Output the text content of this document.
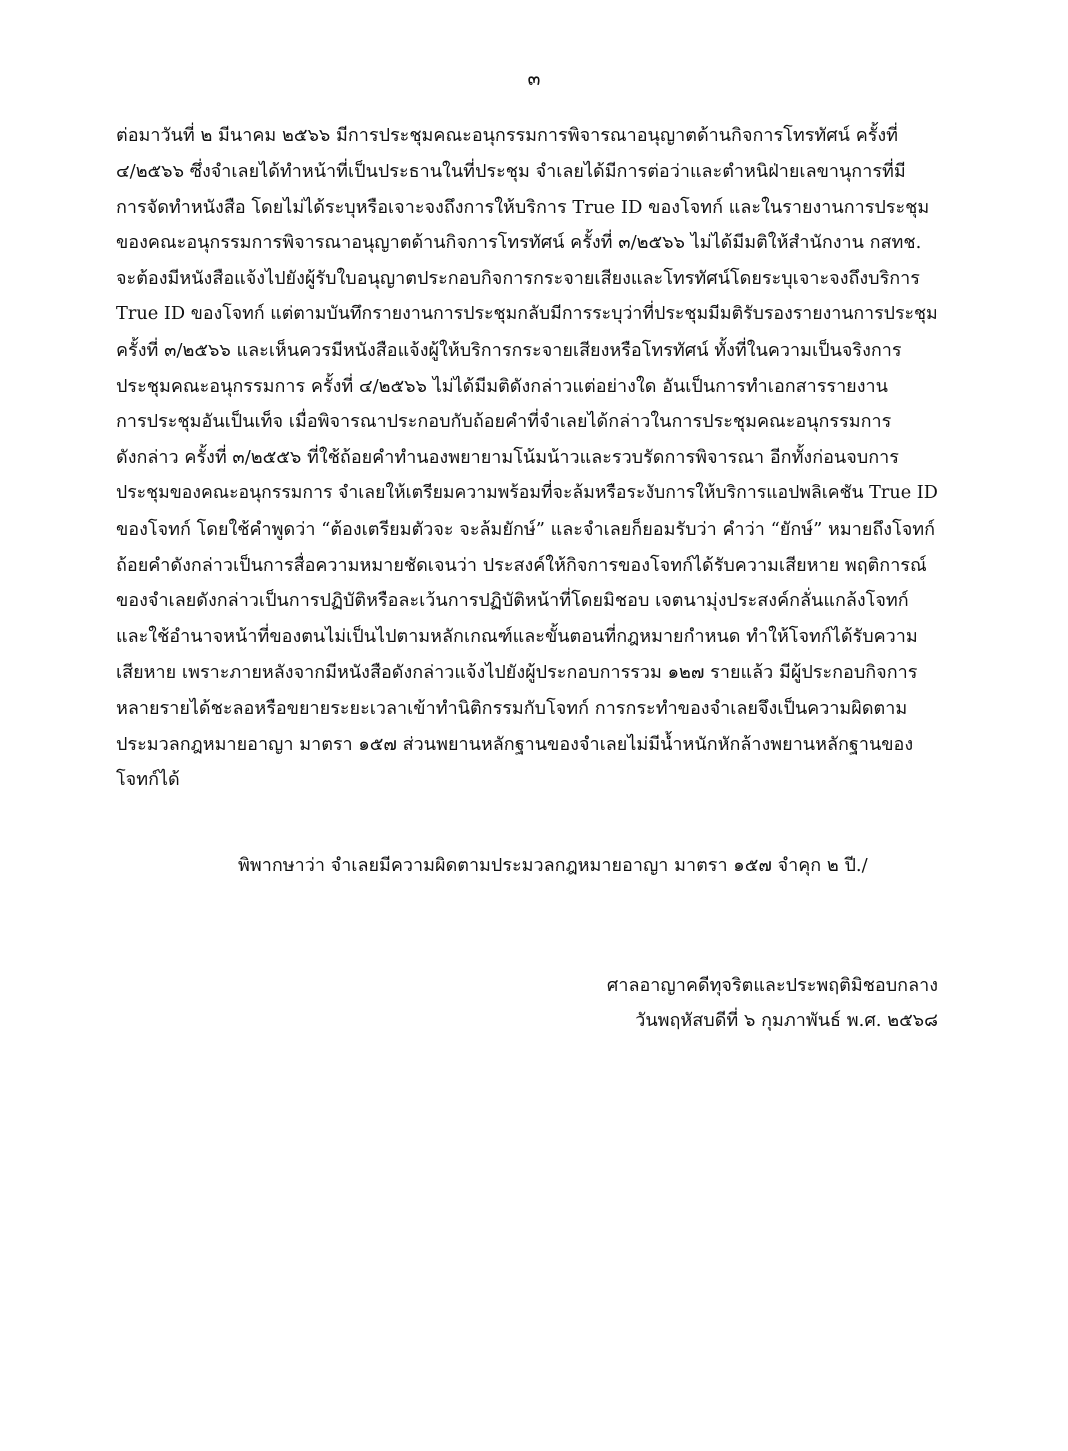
๓
ต่อมาวันที่ ๒ มีนาคม ๒๕๖๖ มีการประชุมคณะอนุกรรมการพิจารณาอนุญาตด้านกิจการโทรทัศน์ ครั้งที่
๔/๒๕๖๖ ซึ่งจำเลยได้ทำหน้าที่เป็นประธานในที่ประชุม จำเลยได้มีการต่อว่าและตำหนิฝ่ายเลขานุการที่มี
การจัดทำหนังสือ โดยไม่ได้ระบุหรือเจาะจงถึงการให้บริการ True ID ของโจทก์ และในรายงานการประชุม
ของคณะอนุกรรมการพิจารณาอนุญาตด้านกิจการโทรทัศน์ ครั้งที่ ๓/๒๕๖๖ ไม่ได้มีมติให้สำนักงาน กสทช.
จะต้องมีหนังสือแจ้งไปยังผู้รับใบอนุญาตประกอบกิจการกระจายเสียงและโทรทัศน์โดยระบุเจาะจงถึงบริการ
True ID ของโจทก์ แต่ตามบันทึกรายงานการประชุมกลับมีการระบุว่าที่ประชุมมีมติรับรองรายงานการประชุม
ครั้งที่ ๓/๒๕๖๖ และเห็นควรมีหนังสือแจ้งผู้ให้บริการกระจายเสียงหรือโทรทัศน์ ทั้งที่ในความเป็นจริงการ
ประชุมคณะอนุกรรมการ ครั้งที่ ๔/๒๕๖๖ ไม่ได้มีมติดังกล่าวแต่อย่างใด อันเป็นการทำเอกสารรายงาน
การประชุมอันเป็นเท็จ เมื่อพิจารณาประกอบกับถ้อยคำที่จำเลยได้กล่าวในการประชุมคณะอนุกรรมการ
ดังกล่าว ครั้งที่ ๓/๒๕๕๖ ที่ใช้ถ้อยคำทำนองพยายามโน้มน้าวและรวบรัดการพิจารณา อีกทั้งก่อนจบการ
ประชุมของคณะอนุกรรมการ จำเลยให้เตรียมความพร้อมที่จะล้มหรือระงับการให้บริการแอปพลิเคชัน True ID
ของโจทก์ โดยใช้คำพูดว่า “ต้องเตรียมตัวจะ จะล้มยักษ์” และจำเลยก็ยอมรับว่า คำว่า “ยักษ์” หมายถึงโจทก์
ถ้อยคำดังกล่าวเป็นการสื่อความหมายชัดเจนว่า ประสงค์ให้กิจการของโจทก์ได้รับความเสียหาย พฤติการณ์
ของจำเลยดังกล่าวเป็นการปฏิบัติหรือละเว้นการปฏิบัติหน้าที่โดยมิชอบ เจตนามุ่งประสงค์กลั่นแกล้งโจทก์
และใช้อำนาจหน้าที่ของตนไม่เป็นไปตามหลักเกณฑ์และขั้นตอนที่กฎหมายกำหนด ทำให้โจทก์ได้รับความ
เสียหาย เพราะภายหลังจากมีหนังสือดังกล่าวแจ้งไปยังผู้ประกอบการรวม ๑๒๗ รายแล้ว มีผู้ประกอบกิจการ
หลายรายได้ชะลอหรือขยายระยะเวลาเข้าทำนิติกรรมกับโจทก์ การกระทำของจำเลยจึงเป็นความผิดตาม
ประมวลกฎหมายอาญา มาตรา ๑๕๗ ส่วนพยานหลักฐานของจำเลยไม่มีน้ำหนักหักล้างพยานหลักฐานของ
โจทก์ได้
พิพากษาว่า จำเลยมีความผิดตามประมวลกฎหมายอาญา มาตรา ๑๕๗ จำคุก ๒ ปี./
ศาลอาญาคดีทุจริตและประพฤติมิชอบกลาง
วันพฤหัสบดีที่ ๖ กุมภาพันธ์ พ.ศ. ๒๕๖๘
